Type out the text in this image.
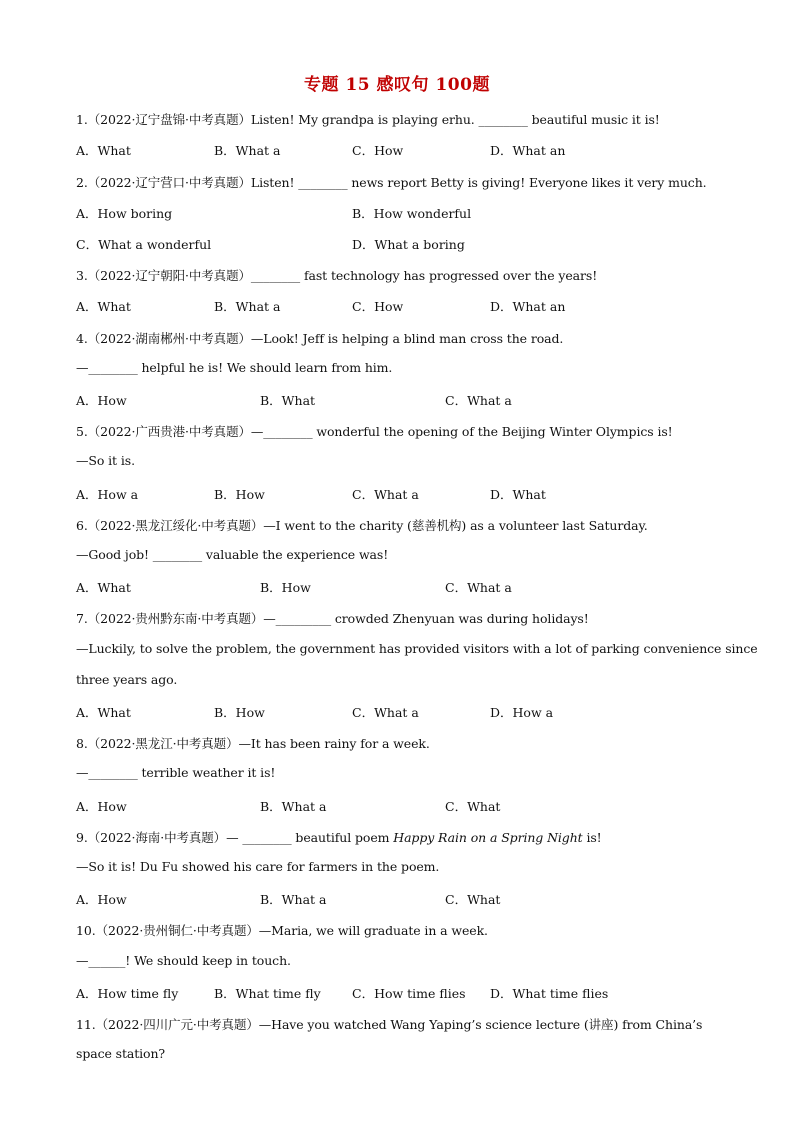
专题 15 感叹句 100题
1.（2022·辽宁盘锦·中考真题）Listen! My grandpa is playing erhu. ________ beautiful music it is!
A．What	B．What a	C．How	D．What an
2.（2022·辽宁营口·中考真题）Listen! ________ news report Betty is giving! Everyone likes it very much.
A．How boring	B．How wonderful
C．What a wonderful	D．What a boring
3.（2022·辽宁朝阳·中考真题）________ fast technology has progressed over the years!
A．What	B．What a	C．How	D．What an
4.（2022·湖南郴州·中考真题）—Look! Jeff is helping a blind man cross the road.
—________ helpful he is! We should learn from him.
A．How	B．What	C．What a
5.（2022·广西贵港·中考真题）—________ wonderful the opening of the Beijing Winter Olympics is!
—So it is.
A．How a	B．How	C．What a	D．What
6.（2022·黑龙江绥化·中考真题）—I went to the charity (慈善机构) as a volunteer last Saturday.
—Good job! ________ valuable the experience was!
A．What	B．How	C．What a
7.（2022·贵州黔东南·中考真题）—_________ crowded Zhenyuan was during holidays!
—Luckily, to solve the problem, the government has provided visitors with a lot of parking convenience since
three years ago.
A．What	B．How	C．What a	D．How a
8.（2022·黑龙江·中考真题）—It has been rainy for a week.
—________ terrible weather it is!
A．How	B．What a	C．What
9.（2022·海南·中考真题）— ________ beautiful poem Happy Rain on a Spring Night is!
—So it is! Du Fu showed his care for farmers in the poem.
A．How	B．What a	C．What
10.（2022·贵州铜仁·中考真题）—Maria, we will graduate in a week.
—______! We should keep in touch.
A．How time fly	B．What time fly	C．How time flies D．What time flies
11.（2022·四川广元·中考真题）—Have you watched Wang Yaping’s science lecture (讲座) from China’s
space station?
